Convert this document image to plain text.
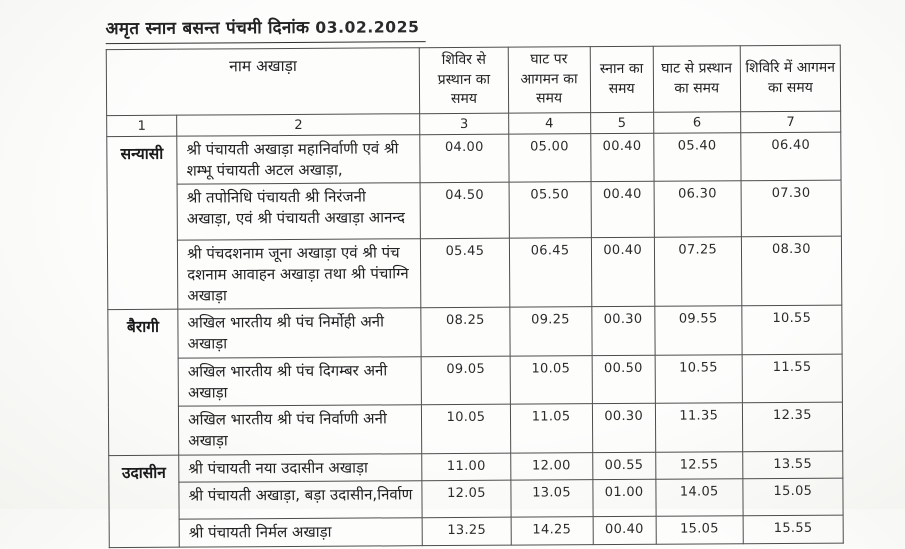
अमृत स्नान बसन्त पंचमी दिनांक 03.02.2025
नाम अखाड़ा		शिविर से प्रस्थान का समय	घाट पर आगमन का समय	स्नान का समय	घाट से प्रस्थान का समय	शिविरि में आगमन का समय
1	2	3	4	5	6	7
सन्यासी	श्री पंचायती अखाड़ा महानिर्वाणी एवं श्री शम्भू पंचायती अटल अखाड़ा,	04.00	05.00	00.40	05.40	06.40
	श्री तपोनिधि पंचायती श्री निरंजनी अखाड़ा, एवं श्री पंचायती अखाड़ा आनन्द	04.50	05.50	00.40	06.30	07.30
	श्री पंचदशनाम जूना अखाड़ा एवं श्री पंच दशनाम आवाहन अखाड़ा तथा श्री पंचाग्नि अखाड़ा	05.45	06.45	00.40	07.25	08.30
बैरागी	अखिल भारतीय श्री पंच निर्मोही अनी अखाड़ा	08.25	09.25	00.30	09.55	10.55
	अखिल भारतीय श्री पंच दिगम्बर अनी अखाड़ा	09.05	10.05	00.50	10.55	11.55
	अखिल भारतीय श्री पंच निर्वाणी अनी अखाड़ा	10.05	11.05	00.30	11.35	12.35
उदासीन	श्री पंचायती नया उदासीन अखाड़ा	11.00	12.00	00.55	12.55	13.55
	श्री पंचायती अखाड़ा, बड़ा उदासीन,निर्वाण	12.05	13.05	01.00	14.05	15.05
	श्री पंचायती निर्मल अखाड़ा	13.25	14.25	00.40	15.05	15.55
